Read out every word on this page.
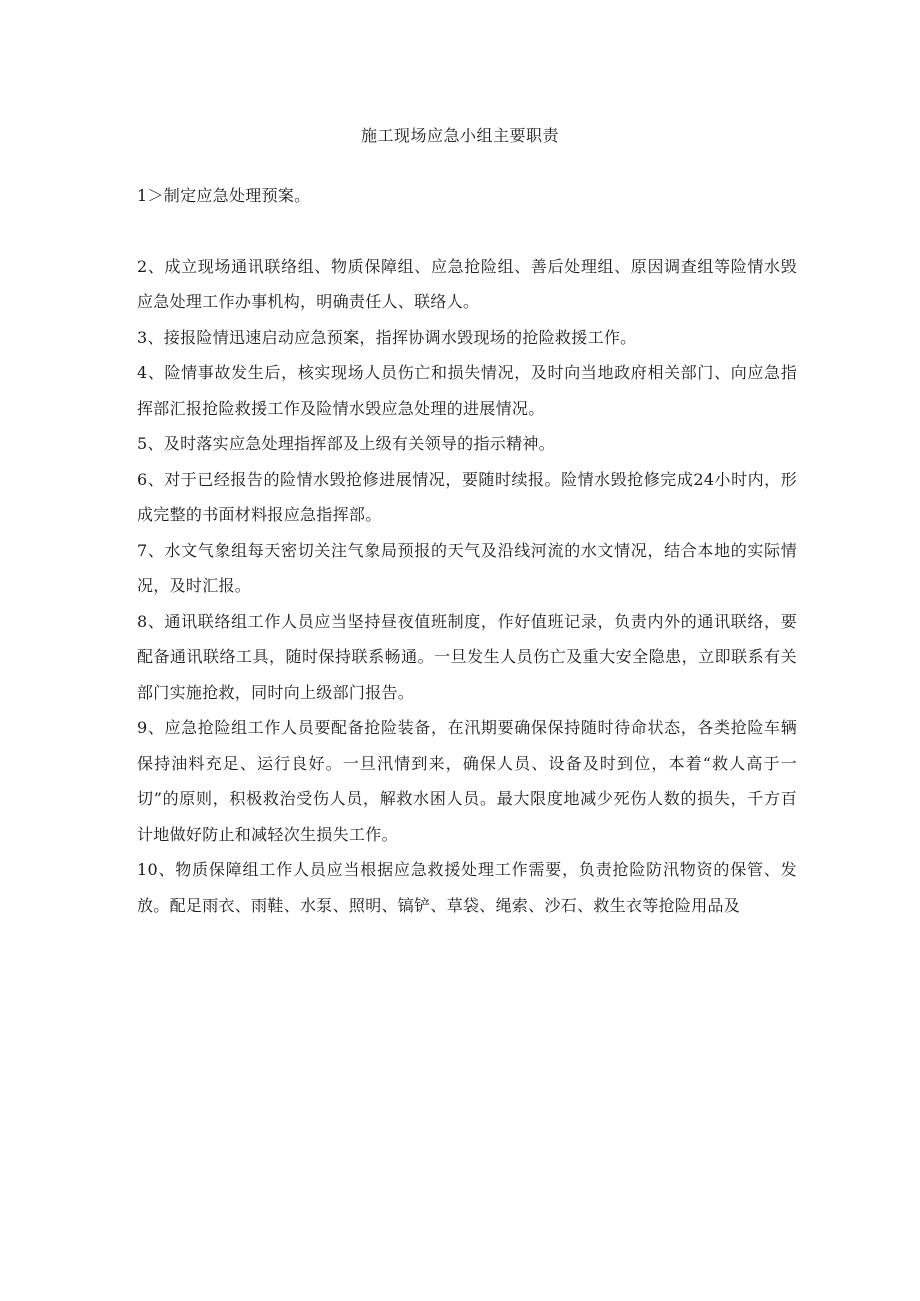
施工现场应急小组主要职责

1＞制定应急处理预案。

2、成立现场通讯联络组、物质保障组、应急抢险组、善后处理组、原因调查组等险情水毁应急处理工作办事机构，明确责任人、联络人。

3、接报险情迅速启动应急预案，指挥协调水毁现场的抢险救援工作。

4、险情事故发生后，核实现场人员伤亡和损失情况，及时向当地政府相关部门、向应急指挥部汇报抢险救援工作及险情水毁应急处理的进展情况。

5、及时落实应急处理指挥部及上级有关领导的指示精神。

6、对于已经报告的险情水毁抢修进展情况，要随时续报。险情水毁抢修完成24小时内，形成完整的书面材料报应急指挥部。

7、水文气象组每天密切关注气象局预报的天气及沿线河流的水文情况，结合本地的实际情况，及时汇报。

8、通讯联络组工作人员应当坚持昼夜值班制度，作好值班记录，负责内外的通讯联络，要配备通讯联络工具，随时保持联系畅通。一旦发生人员伤亡及重大安全隐患，立即联系有关部门实施抢救，同时向上级部门报告。

9、应急抢险组工作人员要配备抢险装备，在汛期要确保保持随时待命状态，各类抢险车辆保持油料充足、运行良好。一旦汛情到来，确保人员、设备及时到位，本着“救人高于一切”的原则，积极救治受伤人员，解救水困人员。最大限度地减少死伤人数的损失，千方百计地做好防止和减轻次生损失工作。

10、物质保障组工作人员应当根据应急救援处理工作需要，负责抢险防汛物资的保管、发放。配足雨衣、雨鞋、水泵、照明、镐铲、草袋、绳索、沙石、救生衣等抢险用品及
